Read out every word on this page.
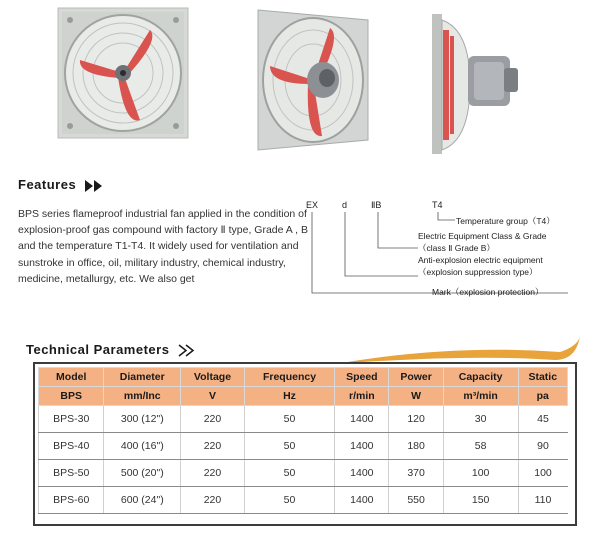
Features

BPS series flameproof industrial fan applied in the condition of explosion-proof gas compound with factory Ⅱ type, Grade A , B and the temperature T1-T4. It widely used for ventilation and sunstroke in office, oil, military industry, chemical industry, medicine, metallurgy, etc. We also get

EX	d	ⅡB	T4
Temperature group（T4）
Electric Equipment Class & Grade
（class Ⅱ Grade B）
Anti-explosion electric equipment
（explosion suppression type）
Mark（explosion protection）
Technical Parameters
Model	Diameter	Voltage	Frequency	Speed	Power	Capacity	Static
BPS	mm/Inc	V	Hz	r/min	W	m³/min	pa
BPS-30	300 (12")	220	50	1400	120	30	45
BPS-40	400 (16")	220	50	1400	180	58	90
BPS-50	500 (20")	220	50	1400	370	100	100
BPS-60	600 (24")	220	50	1400	550	150	110
